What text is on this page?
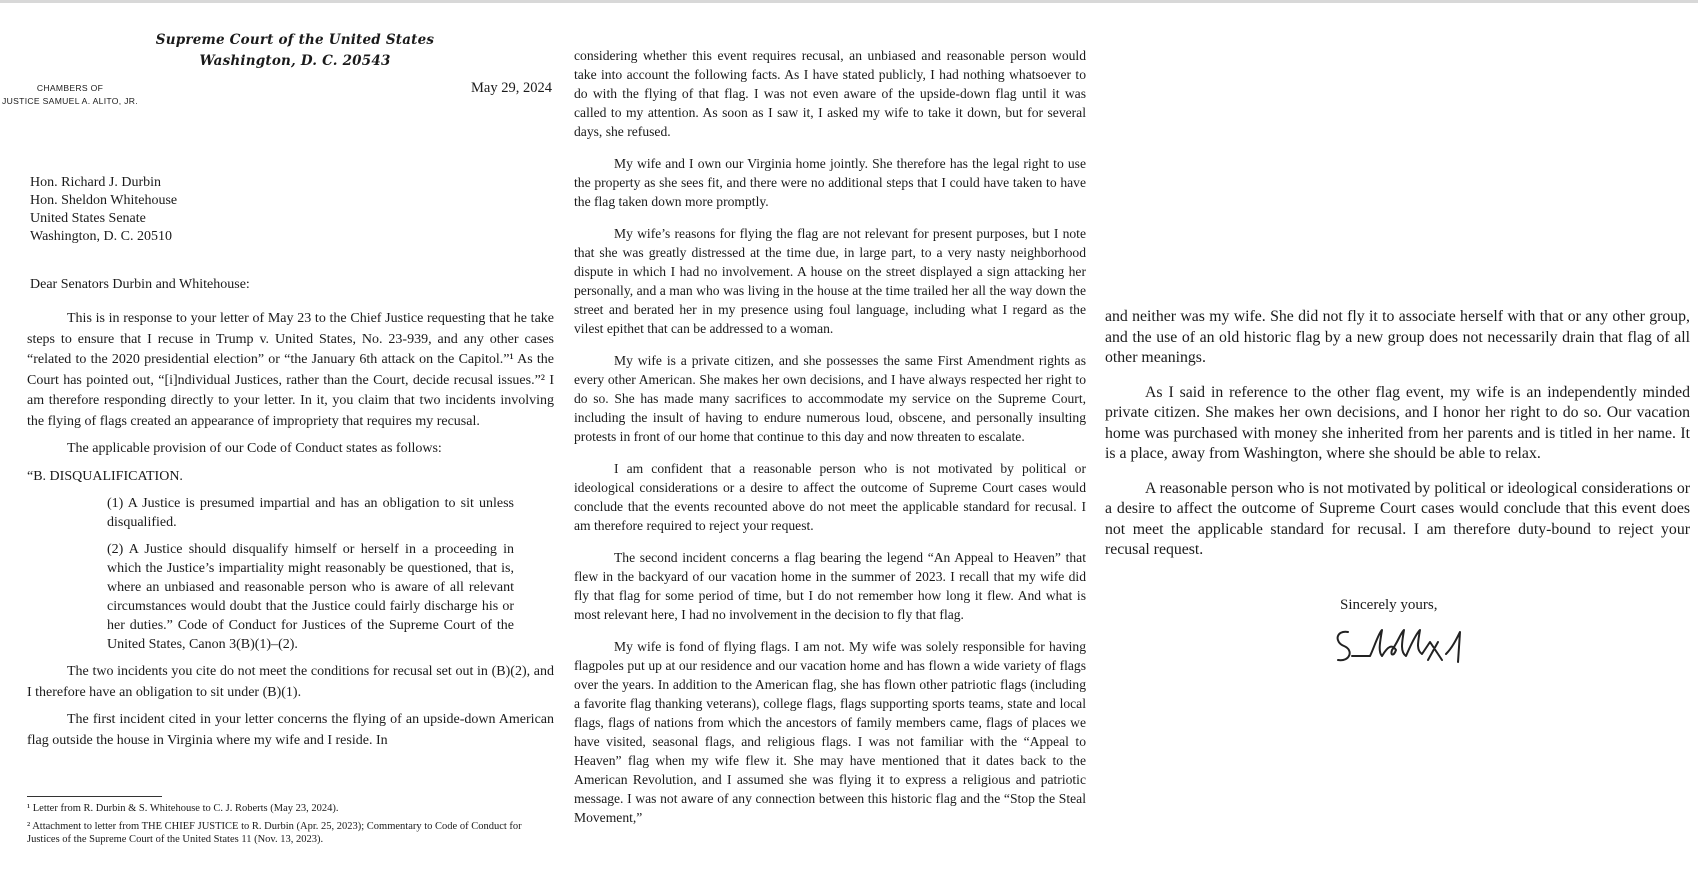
Supreme Court of the United States
Washington, D. C. 20543
CHAMBERS OF
JUSTICE SAMUEL A. ALITO, JR.
May 29, 2024
Hon. Richard J. Durbin
Hon. Sheldon Whitehouse
United States Senate
Washington, D. C. 20510
Dear Senators Durbin and Whitehouse:

This is in response to your letter of May 23 to the Chief Justice requesting that he take steps to ensure that I recuse in Trump v. United States, No. 23-939, and any other cases “related to the 2020 presidential election” or “the January 6th attack on the Capitol.”¹ As the Court has pointed out, “[i]ndividual Justices, rather than the Court, decide recusal issues.”² I am therefore responding directly to your letter. In it, you claim that two incidents involving the flying of flags created an appearance of impropriety that requires my recusal.

The applicable provision of our Code of Conduct states as follows:

“B. DISQUALIFICATION.

(1) A Justice is presumed impartial and has an obligation to sit unless disqualified.

(2) A Justice should disqualify himself or herself in a proceeding in which the Justice’s impartiality might reasonably be questioned, that is, where an unbiased and reasonable person who is aware of all relevant circumstances would doubt that the Justice could fairly discharge his or her duties.” Code of Conduct for Justices of the Supreme Court of the United States, Canon 3(B)(1)–(2).

The two incidents you cite do not meet the conditions for recusal set out in (B)(2), and I therefore have an obligation to sit under (B)(1).

The first incident cited in your letter concerns the flying of an upside-down American flag outside the house in Virginia where my wife and I reside. In

¹ Letter from R. Durbin & S. Whitehouse to C. J. Roberts (May 23, 2024).
² Attachment to letter from THE CHIEF JUSTICE to R. Durbin (Apr. 25, 2023); Commentary to Code of Conduct for Justices of the Supreme Court of the United States 11 (Nov. 13, 2023).

considering whether this event requires recusal, an unbiased and reasonable person would take into account the following facts. As I have stated publicly, I had nothing whatsoever to do with the flying of that flag. I was not even aware of the upside-down flag until it was called to my attention. As soon as I saw it, I asked my wife to take it down, but for several days, she refused.

My wife and I own our Virginia home jointly. She therefore has the legal right to use the property as she sees fit, and there were no additional steps that I could have taken to have the flag taken down more promptly.

My wife’s reasons for flying the flag are not relevant for present purposes, but I note that she was greatly distressed at the time due, in large part, to a very nasty neighborhood dispute in which I had no involvement. A house on the street displayed a sign attacking her personally, and a man who was living in the house at the time trailed her all the way down the street and berated her in my presence using foul language, including what I regard as the vilest epithet that can be addressed to a woman.

My wife is a private citizen, and she possesses the same First Amendment rights as every other American. She makes her own decisions, and I have always respected her right to do so. She has made many sacrifices to accommodate my service on the Supreme Court, including the insult of having to endure numerous loud, obscene, and personally insulting protests in front of our home that continue to this day and now threaten to escalate.

I am confident that a reasonable person who is not motivated by political or ideological considerations or a desire to affect the outcome of Supreme Court cases would conclude that the events recounted above do not meet the applicable standard for recusal. I am therefore required to reject your request.

The second incident concerns a flag bearing the legend “An Appeal to Heaven” that flew in the backyard of our vacation home in the summer of 2023. I recall that my wife did fly that flag for some period of time, but I do not remember how long it flew. And what is most relevant here, I had no involvement in the decision to fly that flag.

My wife is fond of flying flags. I am not. My wife was solely responsible for having flagpoles put up at our residence and our vacation home and has flown a wide variety of flags over the years. In addition to the American flag, she has flown other patriotic flags (including a favorite flag thanking veterans), college flags, flags supporting sports teams, state and local flags, flags of nations from which the ancestors of family members came, flags of places we have visited, seasonal flags, and religious flags. I was not familiar with the “Appeal to Heaven” flag when my wife flew it. She may have mentioned that it dates back to the American Revolution, and I assumed she was flying it to express a religious and patriotic message. I was not aware of any connection between this historic flag and the “Stop the Steal Movement,”

and neither was my wife. She did not fly it to associate herself with that or any other group, and the use of an old historic flag by a new group does not necessarily drain that flag of all other meanings.

As I said in reference to the other flag event, my wife is an independently minded private citizen. She makes her own decisions, and I honor her right to do so. Our vacation home was purchased with money she inherited from her parents and is titled in her name. It is a place, away from Washington, where she should be able to relax.

A reasonable person who is not motivated by political or ideological considerations or a desire to affect the outcome of Supreme Court cases would conclude that this event does not meet the applicable standard for recusal. I am therefore duty-bound to reject your recusal request.

Sincerely yours,
